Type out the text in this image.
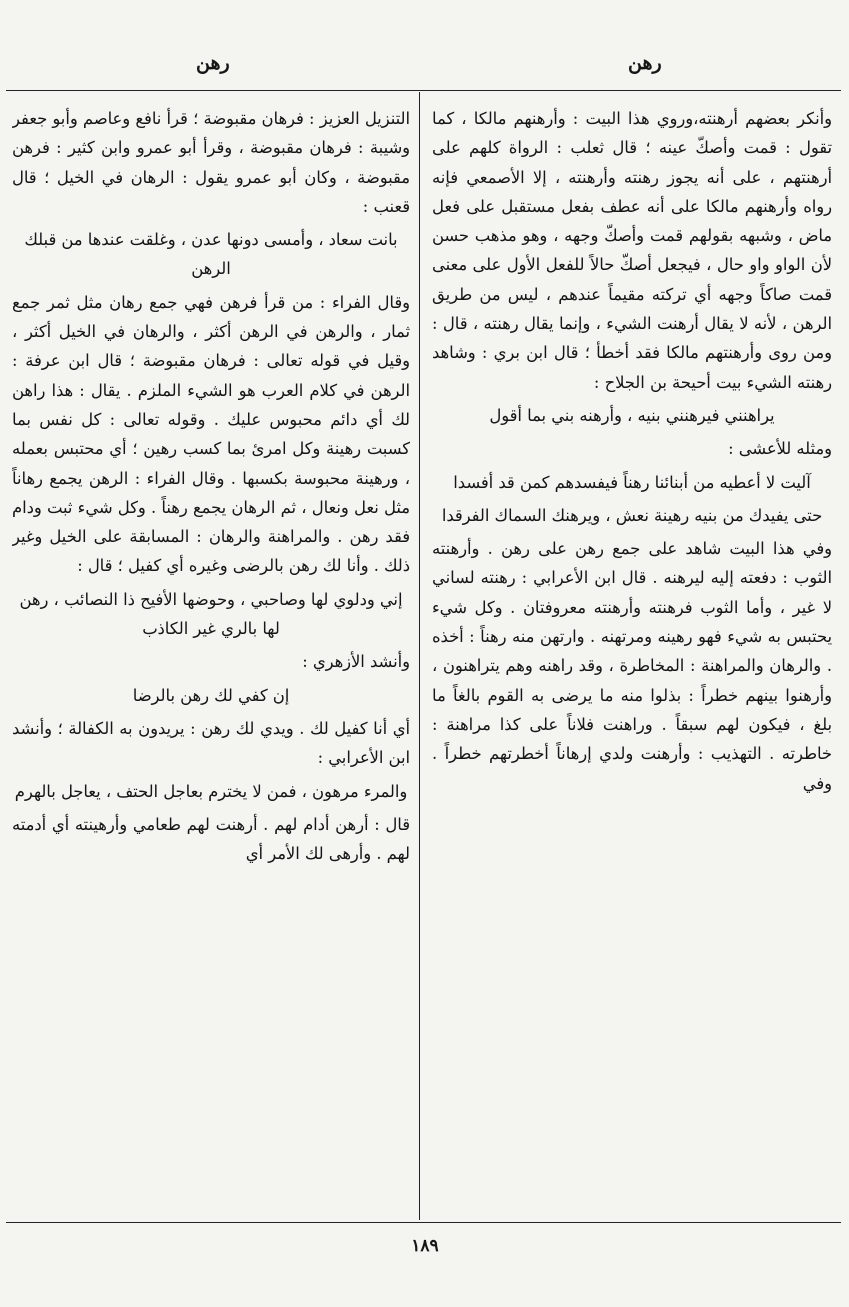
رهن
رهن

وأنكر بعضهم أرهنته،وروي هذا البيت : وأرهنهم مالكا ، كما تقول : قمت وأصكّ عينه ؛ قال ثعلب : الرواة كلهم على أرهنتهم ، على أنه يجوز رهنته وأرهنته ، إلا الأصمعي فإنه رواه وأرهنهم مالكا على أنه عطف بفعل مستقبل على فعل ماض ، وشبهه بقولهم قمت وأصكّ وجهه ، وهو مذهب حسن لأن الواو واو حال ، فيجعل أصكّ حالاً للفعل الأول على معنى قمت صاكاً وجهه أي تركته مقيماً عندهم ، ليس من طريق الرهن ، لأنه لا يقال أرهنت الشيء ، وإنما يقال رهنته ، قال : ومن روى وأرهنتهم مالكا فقد أخطأ ؛ قال ابن بري : وشاهد رهنته الشيء بيت أحيحة بن الجلاح :

يراهنني فيرهنني بنيه ، وأرهنه بني بما أقول

ومثله للأعشى :

آليت لا أعطيه من أبنائنا رهناً فيفسدهم كمن قد أفسدا

حتى يفيدك من بنيه رهينة نعش ، ويرهنك السماك الفرقدا

وفي هذا البيت شاهد على جمع رهن على رهن . وأرهنته الثوب : دفعته إليه ليرهنه . قال ابن الأعرابي : رهنته لساني لا غير ، وأما الثوب فرهنته وأرهنته معروفتان . وكل شيء يحتبس به شيء فهو رهينه ومرتهنه . وارتهن منه رهناً : أخذه . والرهان والمراهنة : المخاطرة ، وقد راهنه وهم يتراهنون ، وأرهنوا بينهم خطراً : بذلوا منه ما يرضى به القوم بالغاً ما بلغ ، فيكون لهم سبقاً . وراهنت فلاناً على كذا مراهنة : خاطرته . التهذيب : وأرهنت ولدي إرهاناً أخطرتهم خطراً . وفي

التنزيل العزيز : فرهان مقبوضة ؛ قرأ نافع وعاصم وأبو جعفر وشيبة : فرهان مقبوضة ، وقرأ أبو عمرو وابن كثير : فرهن مقبوضة ، وكان أبو عمرو يقول : الرهان في الخيل ؛ قال قعنب :

بانت سعاد ، وأمسى دونها عدن ، وغلقت عندها من قبلك الرهن

وقال الفراء : من قرأ فرهن فهي جمع رهان مثل ثمر جمع ثمار ، والرهن في الرهن أكثر ، والرهان في الخيل أكثر ، وقيل في قوله تعالى : فرهان مقبوضة ؛ قال ابن عرفة : الرهن في كلام العرب هو الشيء الملزم . يقال : هذا راهن لك أي دائم محبوس عليك . وقوله تعالى : كل نفس بما كسبت رهينة وكل امرئ بما كسب رهين ؛ أي محتبس بعمله ، ورهينة محبوسة بكسبها . وقال الفراء : الرهن يجمع رهاناً مثل نعل ونعال ، ثم الرهان يجمع رهناً . وكل شيء ثبت ودام فقد رهن . والمراهنة والرهان : المسابقة على الخيل وغير ذلك . وأنا لك رهن بالرضى وغيره أي كفيل ؛ قال :

إني ودلوي لها وصاحبي ، وحوضها الأفيح ذا النصائب ، رهن لها بالري غير الكاذب

وأنشد الأزهري :

إن كفي لك رهن بالرضا

أي أنا كفيل لك . ويدي لك رهن : يريدون به الكفالة ؛ وأنشد ابن الأعرابي :

والمرء مرهون ، فمن لا يخترم بعاجل الحتف ، يعاجل بالهرم

قال : أرهن أدام لهم . أرهنت لهم طعامي وأرهينته أي أدمته لهم . وأرهى لك الأمر أي

١٨٩
